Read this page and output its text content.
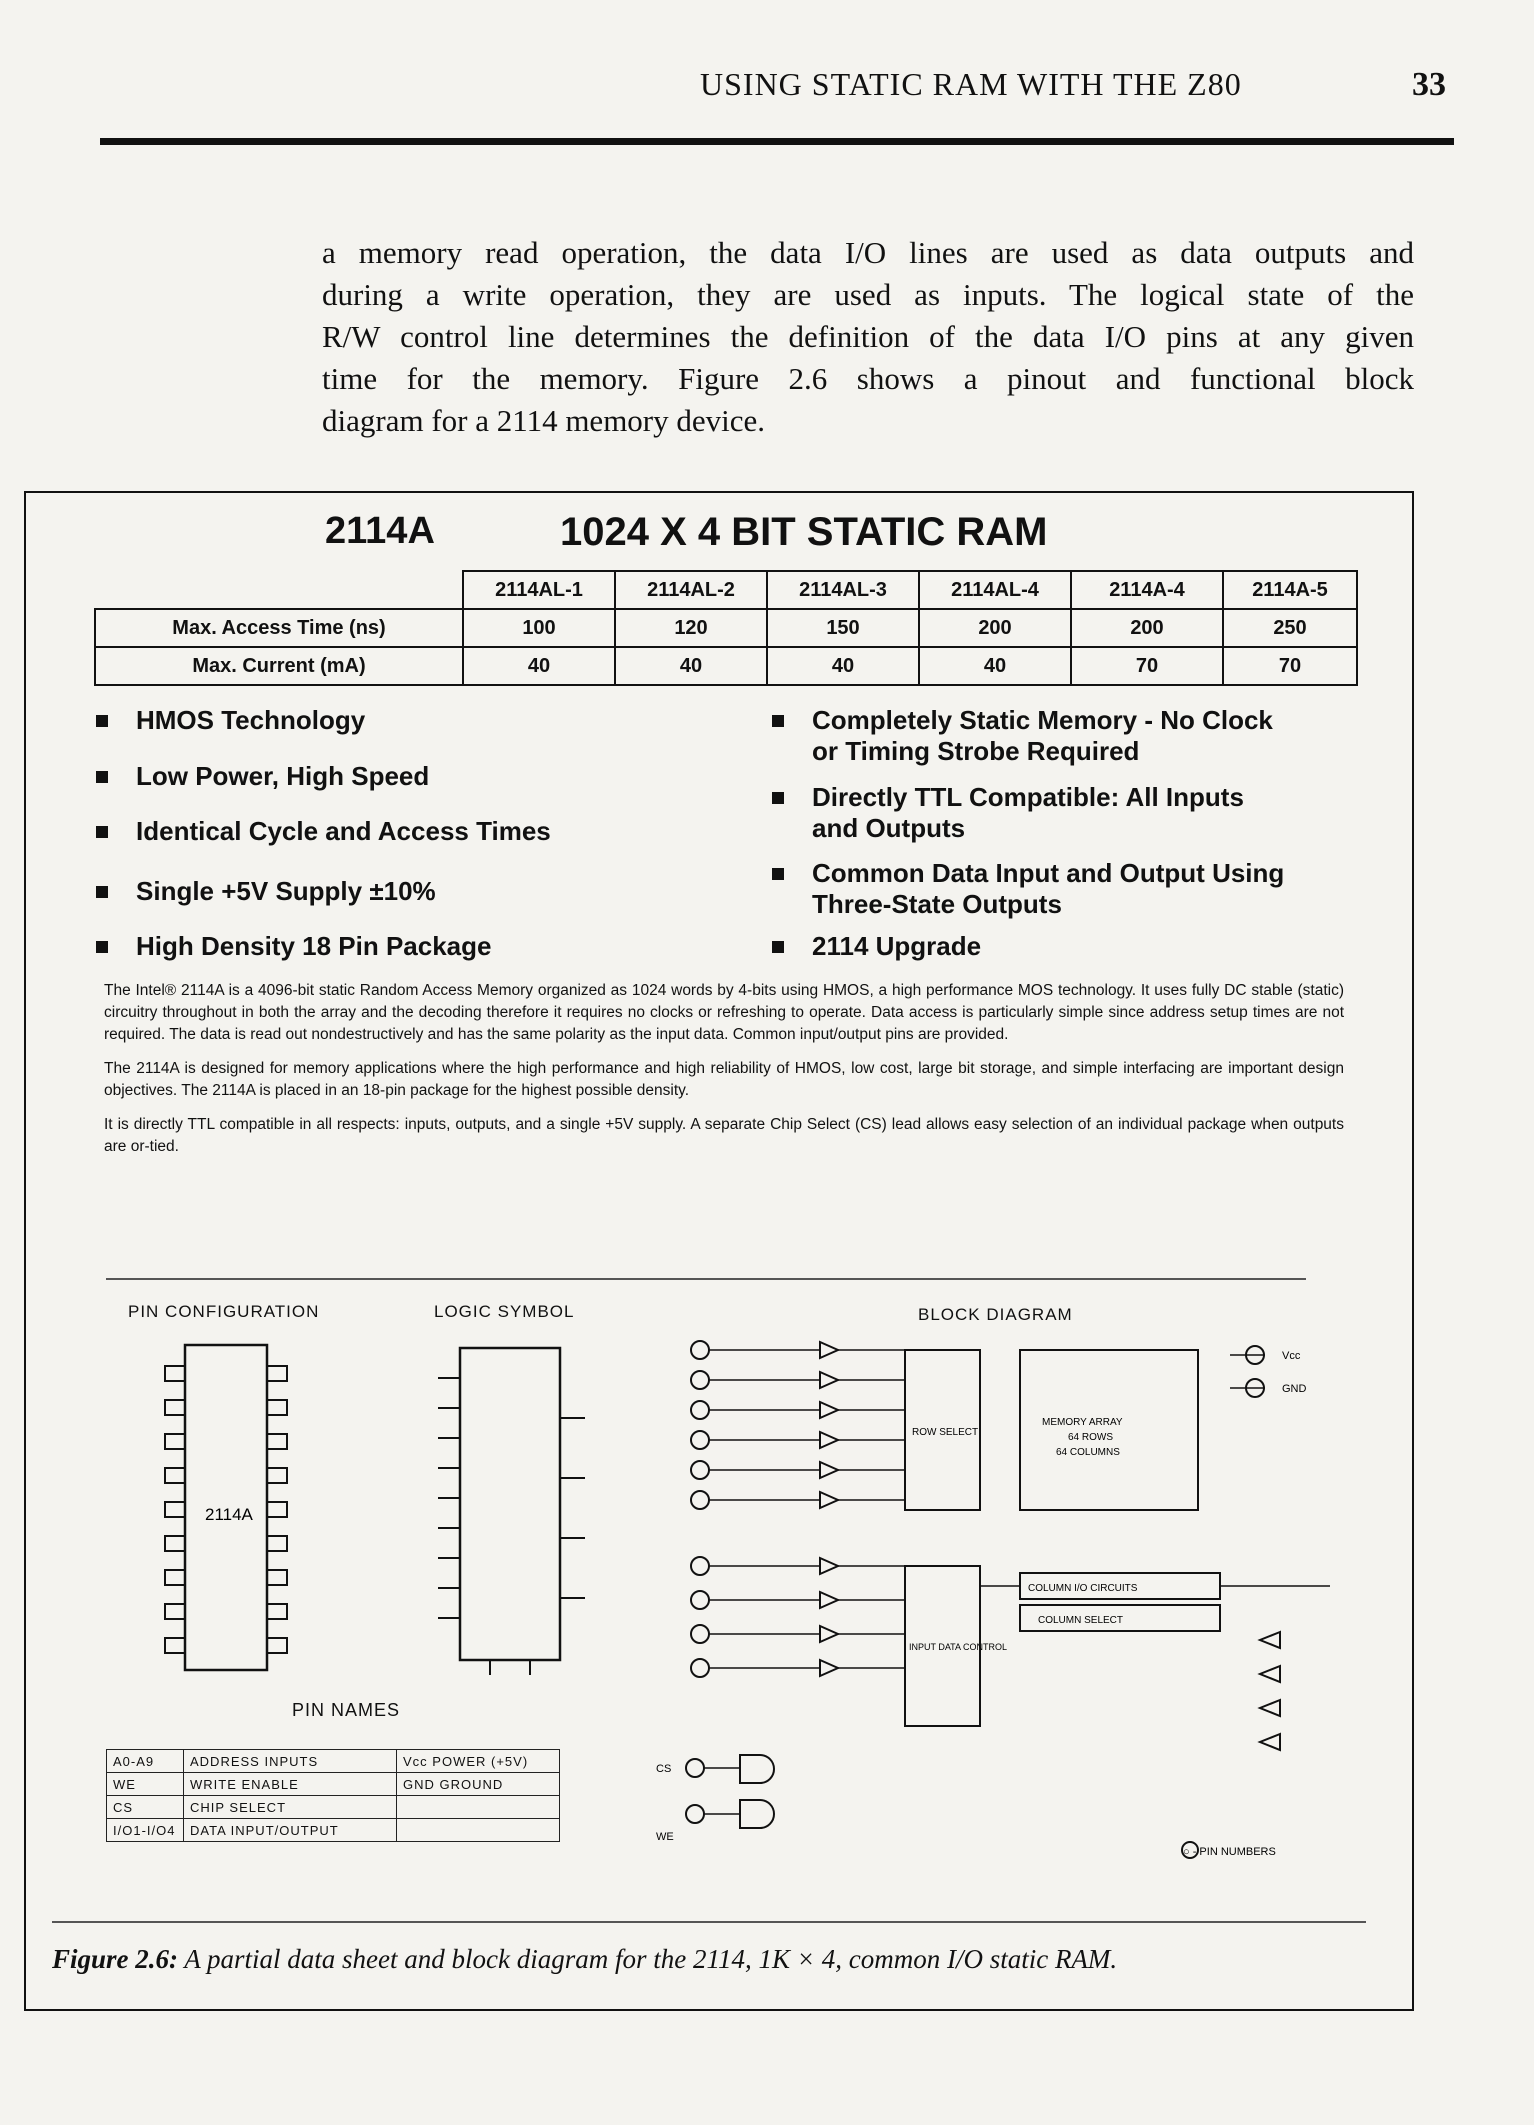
USING STATIC RAM WITH THE Z80	33
a memory read operation, the data I/O lines are used as data outputs and
during a write operation, they are used as inputs. The logical state of the
R/W control line determines the definition of the data I/O pins at any given
time for the memory. Figure 2.6 shows a pinout and functional block
diagram for a 2114 memory device.
2114A	1024 X 4 BIT STATIC RAM
	2114AL-1	2114AL-2	2114AL-3	2114AL-4	2114A-4	2114A-5
Max. Access Time (ns)	100	120	150	200	200	250
Max. Current (mA)	40	40	40	40	70	70
HMOS Technology
Low Power, High Speed
Identical Cycle and Access Times
Single +5V Supply ±10%
High Density 18 Pin Package
Completely Static Memory - No Clock
or Timing Strobe Required
Directly TTL Compatible: All Inputs
and Outputs
Common Data Input and Output Using
Three-State Outputs
2114 Upgrade

The Intel® 2114A is a 4096-bit static Random Access Memory organized as 1024 words by 4-bits using HMOS, a high performance MOS technology. It uses fully DC stable (static) circuitry throughout in both the array and the decoding therefore it requires no clocks or refreshing to operate. Data access is particularly simple since address setup times are not required. The data is read out nondestructively and has the same polarity as the input data. Common input/output pins are provided.

The 2114A is designed for memory applications where the high performance and high reliability of HMOS, low cost, large bit storage, and simple interfacing are important design objectives. The 2114A is placed in an 18-pin package for the highest possible density.

It is directly TTL compatible in all respects: inputs, outputs, and a single +5V supply. A separate Chip Select (CS) lead allows easy selection of an individual package when outputs are or-tied.

PIN CONFIGURATION	LOGIC SYMBOL	BLOCK DIAGRAM
PIN NAMES
2114A
ROW SELECT
MEMORY ARRAY
64 ROWS
64 COLUMNS
COLUMN I/O CIRCUITS
COLUMN SELECT
INPUT DATA CONTROL
Vcc
GND
CS
WE
○ - PIN NUMBERS
A0-A9	ADDRESS INPUTS	Vcc POWER (+5V)
WE	WRITE ENABLE	GND GROUND
CS	CHIP SELECT	
I/O1-I/O4	DATA INPUT/OUTPUT	
Figure 2.6: A partial data sheet and block diagram for the 2114, 1K × 4, common I/O static RAM.
